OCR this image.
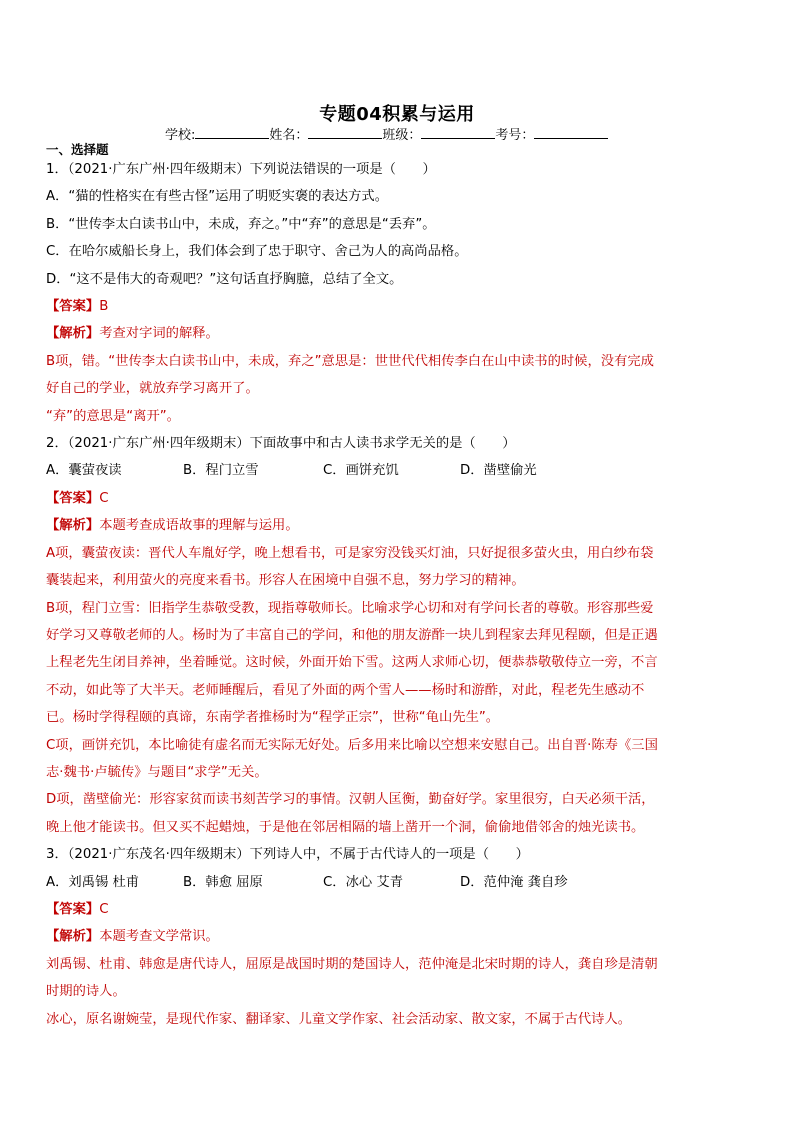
专题04积累与运用
学校:	姓名：	班级：	考号：
一、选择题
1．（2021·广东广州·四年级期末）下列说法错误的一项是（　　）
A．“猫的性格实在有些古怪”运用了明贬实褒的表达方式。
B．“世传李太白读书山中，未成，弃之。”中“弃”的意思是“丢弃”。
C．在哈尔威船长身上，我们体会到了忠于职守、舍己为人的高尚品格。
D．“这不是伟大的奇观吧？”这句话直抒胸臆，总结了全文。
【答案】B
【解析】考查对字词的解释。
B项，错。“世传李太白读书山中，未成，弃之”意思是：世世代代相传李白在山中读书的时候，没有完成
好自己的学业，就放弃学习离开了。
“弃”的意思是“离开”。
2．（2021·广东广州·四年级期末）下面故事中和古人读书求学无关的是（　　）
A．囊萤夜读	B．程门立雪	C．画饼充饥	D．凿壁偷光
【答案】C
【解析】本题考查成语故事的理解与运用。
A项，囊萤夜读：晋代人车胤好学，晚上想看书，可是家穷没钱买灯油，只好捉很多萤火虫，用白纱布袋
囊装起来，利用萤火的亮度来看书。形容人在困境中自强不息，努力学习的精神。
B项，程门立雪：旧指学生恭敬受教，现指尊敬师长。比喻求学心切和对有学问长者的尊敬。形容那些爱
好学习又尊敬老师的人。杨时为了丰富自己的学问，和他的朋友游酢一块儿到程家去拜见程颐，但是正遇
上程老先生闭目养神，坐着睡觉。这时候，外面开始下雪。这两人求师心切，便恭恭敬敬侍立一旁，不言
不动，如此等了大半天。老师睡醒后，看见了外面的两个雪人——杨时和游酢，对此，程老先生感动不
已。杨时学得程颐的真谛，东南学者推杨时为“程学正宗”，世称“龟山先生”。
C项，画饼充饥，本比喻徒有虚名而无实际无好处。后多用来比喻以空想来安慰自己。出自晋·陈寿《三国
志·魏书·卢毓传》与题目“求学”无关。
D项，凿壁偷光：形容家贫而读书刻苦学习的事情。汉朝人匡衡，勤奋好学。家里很穷，白天必须干活，
晚上他才能读书。但又买不起蜡烛，于是他在邻居相隔的墙上凿开一个洞，偷偷地借邻舍的烛光读书。
3．（2021·广东茂名·四年级期末）下列诗人中，不属于古代诗人的一项是（　　）
A．刘禹锡 杜甫	B．韩愈 屈原	C．冰心 艾青	D．范仲淹 龚自珍
【答案】C
【解析】本题考查文学常识。
刘禹锡、杜甫、韩愈是唐代诗人，屈原是战国时期的楚国诗人，范仲淹是北宋时期的诗人，龚自珍是清朝
时期的诗人。
冰心，原名谢婉莹，是现代作家、翻译家、儿童文学作家、社会活动家、散文家，不属于古代诗人。
